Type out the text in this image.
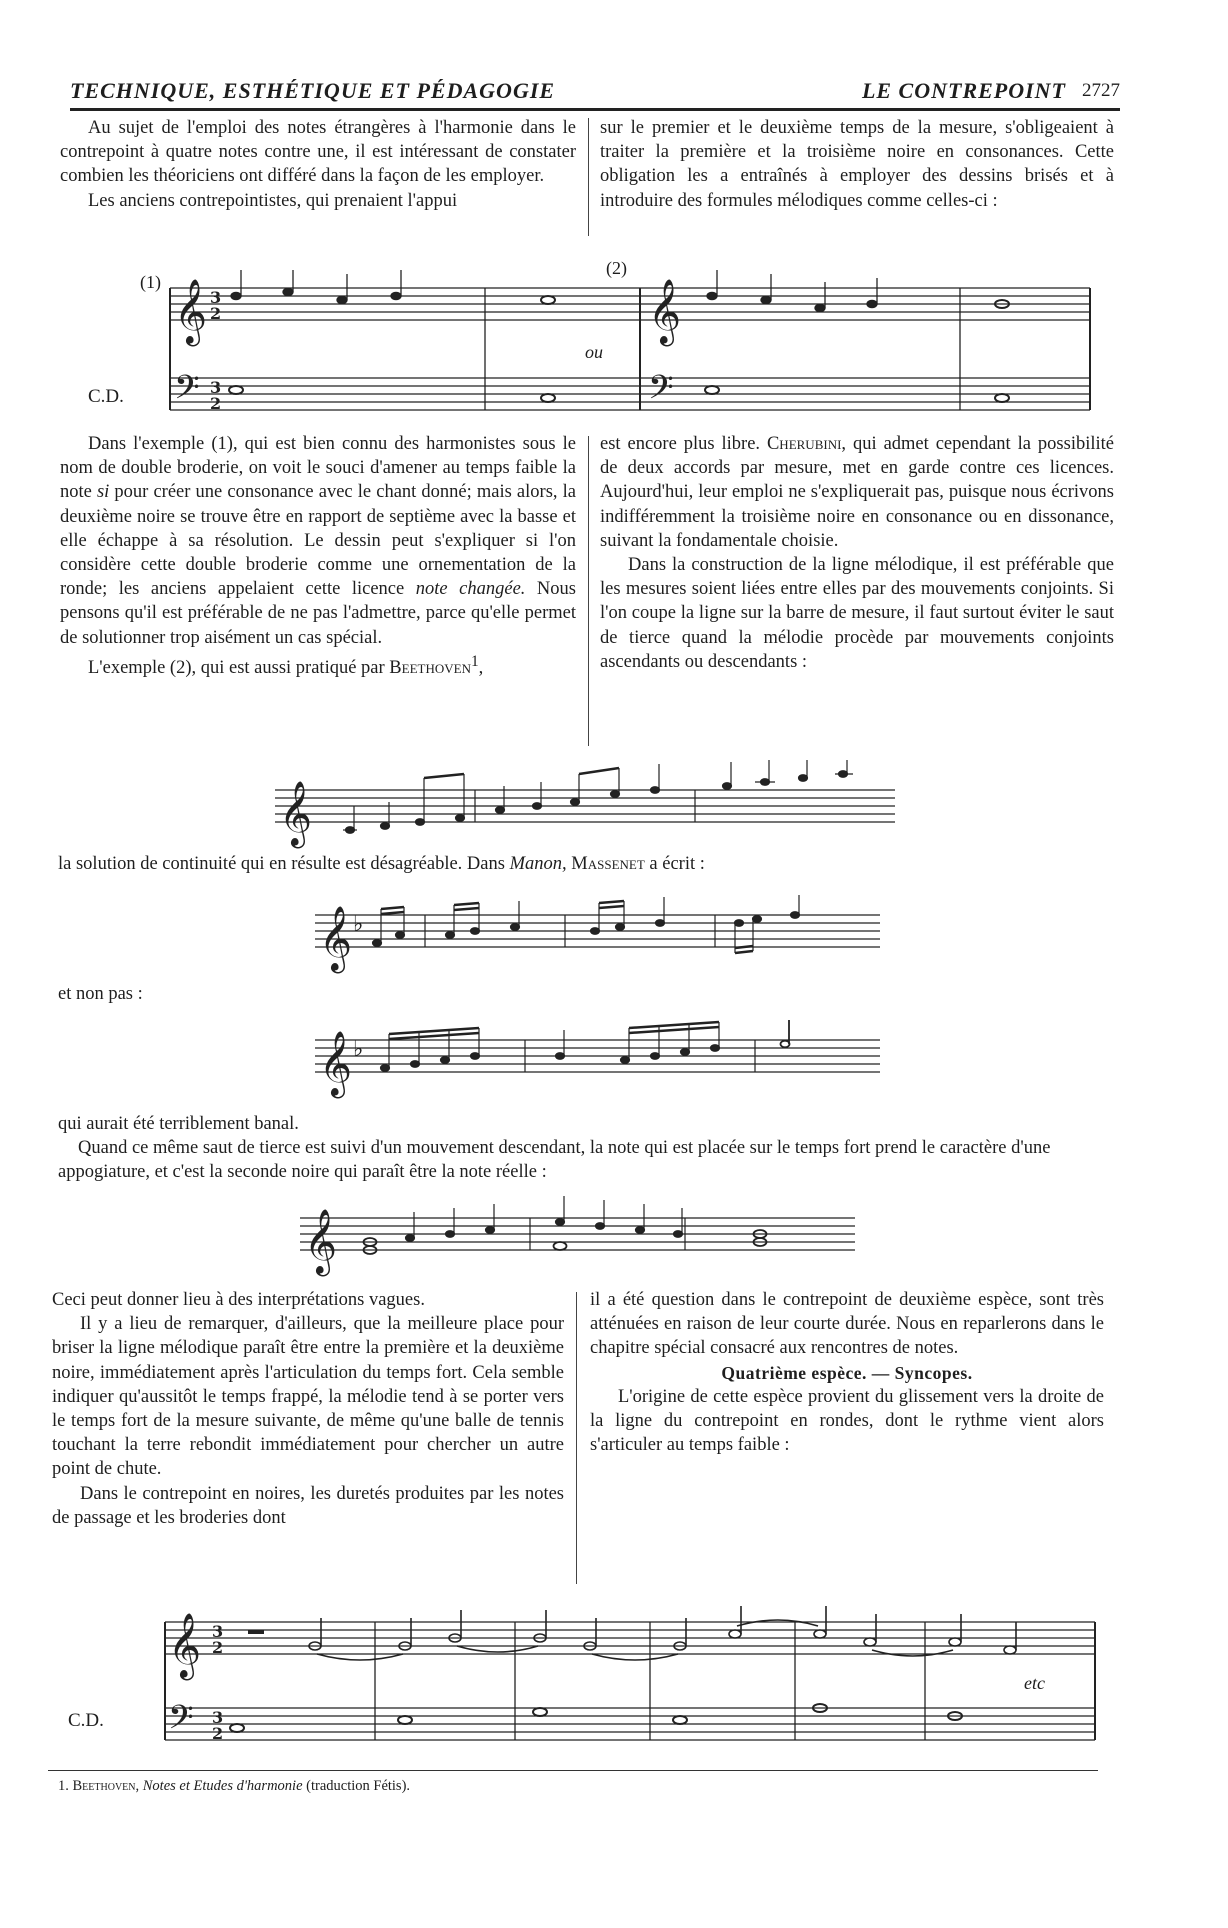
TECHNIQUE, ESTHÉTIQUE ET PÉDAGOGIE	LE CONTREPOINT 2727

Au sujet de l'emploi des notes étrangères à l'harmonie dans le contrepoint à quatre notes contre une, il est intéressant de constater combien les théoriciens ont différé dans la façon de les employer.

Les anciens contrepointistes, qui prenaient l'appui

sur le premier et le deuxième temps de la mesure, s'obligeaient à traiter la première et la troisième noire en consonances. Cette obligation les a entraînés à employer des dessins brisés et à introduire des formules mélodiques comme celles-ci :

(1)
(2)
ou
C.D.
𝄞
𝄢
𝄞
𝄢
3
2
3
2

Dans l'exemple (1), qui est bien connu des harmonistes sous le nom de double broderie, on voit le souci d'amener au temps faible la note si pour créer une consonance avec le chant donné; mais alors, la deuxième noire se trouve être en rapport de septième avec la basse et elle échappe à sa résolution. Le dessin peut s'expliquer si l'on considère cette double broderie comme une ornementation de la ronde; les anciens appelaient cette licence note changée. Nous pensons qu'il est préférable de ne pas l'admettre, parce qu'elle permet de solutionner trop aisément un cas spécial.

L'exemple (2), qui est aussi pratiqué par Beethoven$^1$,

est encore plus libre. Cherubini, qui admet cependant la possibilité de deux accords par mesure, met en garde contre ces licences. Aujourd'hui, leur emploi ne s'expliquerait pas, puisque nous écrivons indifféremment la troisième noire en consonance ou en dissonance, suivant la fondamentale choisie.

Dans la construction de la ligne mélodique, il est préférable que les mesures soient liées entre elles par des mouvements conjoints. Si l'on coupe la ligne sur la barre de mesure, il faut surtout éviter le saut de tierce quand la mélodie procède par mouvements conjoints ascendants ou descendants :

𝄞
la solution de continuité qui en résulte est désagréable. Dans Manon, Massenet a écrit :
𝄞 ♭
et non pas :
𝄞 ♭
qui aurait été terriblement banal.
Quand ce même saut de tierce est suivi d'un mouvement descendant, la note qui est placée sur le temps fort prend le caractère d'une appogiature, et c'est la seconde noire qui paraît être la note réelle :
𝄞

Ceci peut donner lieu à des interprétations vagues.

Il y a lieu de remarquer, d'ailleurs, que la meilleure place pour briser la ligne mélodique paraît être entre la première et la deuxième noire, immédiatement après l'articulation du temps fort. Cela semble indiquer qu'aussitôt le temps frappé, la mélodie tend à se porter vers le temps fort de la mesure suivante, de même qu'une balle de tennis touchant la terre rebondit immédiatement pour chercher un autre point de chute.

Dans le contrepoint en noires, les duretés produites par les notes de passage et les broderies dont

il a été question dans le contrepoint de deuxième espèce, sont très atténuées en raison de leur courte durée. Nous en reparlerons dans le chapitre spécial consacré aux rencontres de notes.

Quatrième espèce. — Syncopes.

L'origine de cette espèce provient du glissement vers la droite de la ligne du contrepoint en rondes, dont le rythme vient alors s'articuler au temps faible :

C.D.
etc
𝄞
𝄢
3
2
3
2
1. Beethoven, Notes et Etudes d'harmonie (traduction Fétis).
